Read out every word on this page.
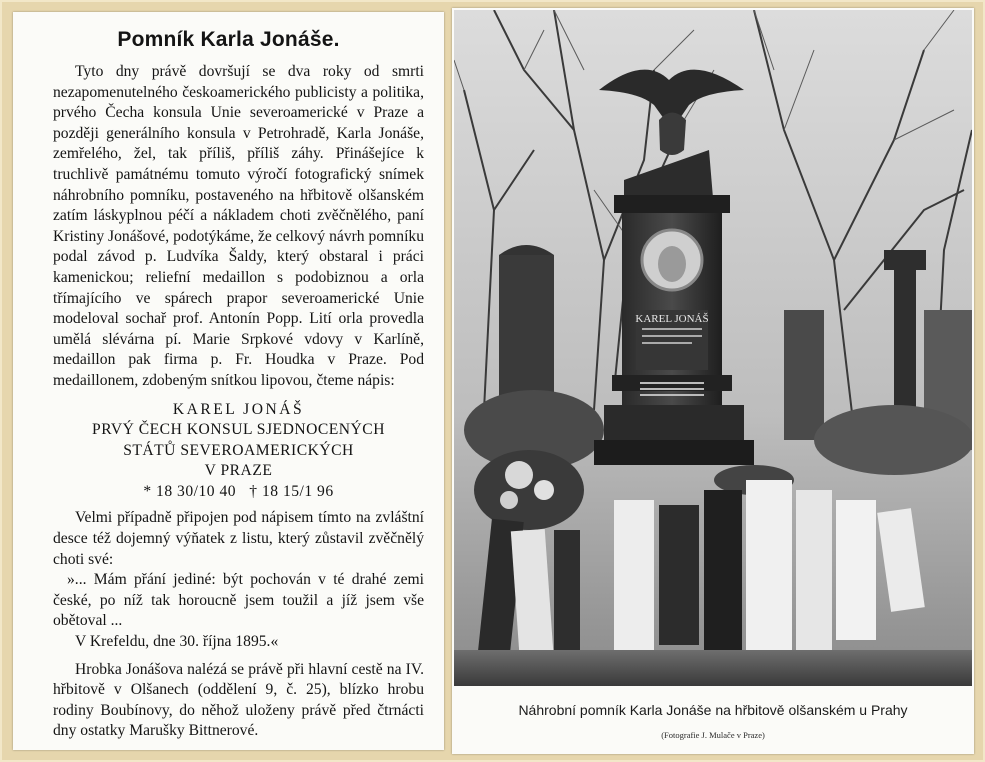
Pomník Karla Jonáše.

Tyto dny právě dovršují se dva roky od smrti nezapomenutelného českoamerického publicisty a politika, prvého Čecha konsula Unie severoamerické v Praze a později generálního konsula v Petrohradě, Karla Jonáše, zemřelého, žel, tak příliš, příliš záhy. Přinášejíce k truchlivě památnému tomuto výročí fotografický snímek náhrobního pomníku, postaveného na hřbitově olšanském zatím láskyplnou péčí a nákladem choti zvěčnělého, paní Kristiny Jonášové, podotýkáme, že celkový návrh pomníku podal závod p. Ludvíka Šaldy, který obstaral i práci kamenickou; reliefní medaillon s podobiznou a orla třímajícího ve spárech prapor severoamerické Unie modeloval sochař prof. Antonín Popp. Lití orla provedla umělá slévárna pí. Marie Srpkové vdovy v Karlíně, medaillon pak firma p. Fr. Houdka v Praze. Pod medaillonem, zdobeným snítkou lipovou, čteme nápis:

KAREL JONÁŠ
PRVÝ ČECH KONSUL SJEDNOCENÝCH
STÁTŮ SEVEROAMERICKÝCH
V PRAZE
* 18 30/10 40 † 18 15/1 96

Velmi případně připojen pod nápisem tímto na zvláštní desce též dojemný výňatek z listu, který zůstavil zvěčnělý choti své:

»... Mám přání jediné: být pochován v té drahé zemi české, po níž tak horoucně jsem toužil a jíž jsem vše obětoval ...
V Krefeldu, dne 30. října 1895.«

Hrobka Jonášova nalézá se právě při hlavní cestě na IV. hřbitově v Olšanech (oddělení 9, č. 25), blízko hrobu rodiny Boubínovy, do něhož uloženy právě před čtrnácti dny ostatky Marušky Bittnerové.

KAREL JONÁŠ
Náhrobní pomník Karla Jonáše na hřbitově olšanském u Prahy
(Fotografie J. Mulače v Praze)
